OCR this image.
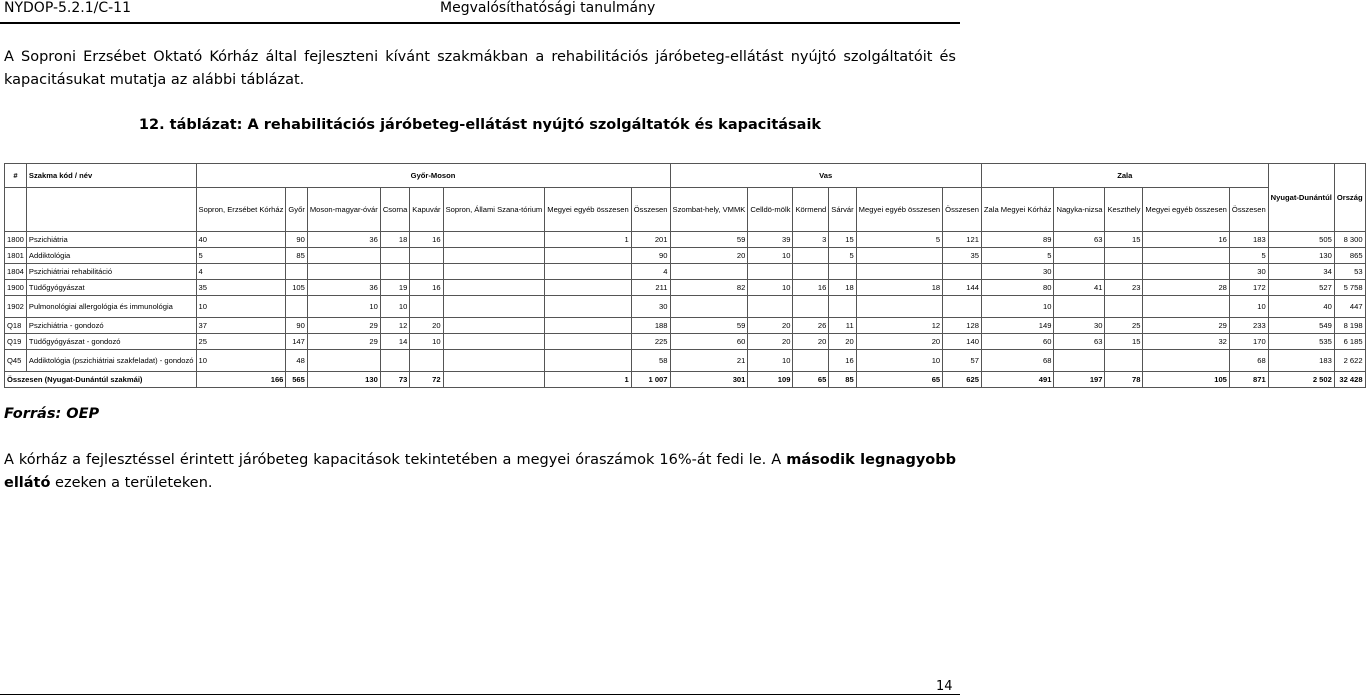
NYDOP-5.2.1/C-11	Megvalósíthatósági tanulmány
A Soproni Erzsébet Oktató Kórház által fejleszteni kívánt szakmákban a rehabilitációs járóbeteg-ellátást nyújtó szolgáltatóit és kapacitásukat mutatja az alábbi táblázat.
12. táblázat: A rehabilitációs járóbeteg-ellátást nyújtó szolgáltatók és kapacitásaik
#	Szakma kód / név	Győr-Moson								Vas						Zala					Nyugat-Dunántúl	Ország
		Sopron, Erzsébet Kórház	Győr	Moson-magyar-óvár	Csorna	Kapuvár	Sopron, Állami Szana-tórium	Megyei egyéb összesen	Összesen	Szombat-hely, VMMK	Celldö-mölk	Körmend	Sárvár	Megyei egyéb összesen	Összesen	Zala Megyei Kórház	Nagyka-nizsa	Keszthely	Megyei egyéb összesen	Összesen		
1800	Pszichiátria	40	90	36	18	16		1	201	59	39	3	15	5	121	89	63	15	16	183	505	8 300
1801	Addiktológia	5	85						90	20	10		5		35	5				5	130	865
1804	Pszichiátriai rehabilitáció	4							4							30				30	34	53
1900	Tüdőgyógyászat	35	105	36	19	16			211	82	10	16	18	18	144	80	41	23	28	172	527	5 758
1902	Pulmonológiai allergológia és immunológia	10		10	10				30							10				10	40	447
Q18	Pszichiátria - gondozó	37	90	29	12	20			188	59	20	26	11	12	128	149	30	25	29	233	549	8 198
Q19	Tüdőgyógyászat - gondozó	25	147	29	14	10			225	60	20	20	20	20	140	60	63	15	32	170	535	6 185
Q45	Addiktológia (pszichiátriai szakfeladat) - gondozó	10	48						58	21	10		16	10	57	68				68	183	2 622
Összesen (Nyugat-Dunántúl szakmái)		166	565	130	73	72		1	1 007	301	109	65	85	65	625	491	197	78	105	871	2 502	32 428
Forrás: OEP
A kórház a fejlesztéssel érintett járóbeteg kapacitások tekintetében a megyei óraszámok 16%-át fedi le. A második legnagyobb ellátó ezeken a területeken.
14
